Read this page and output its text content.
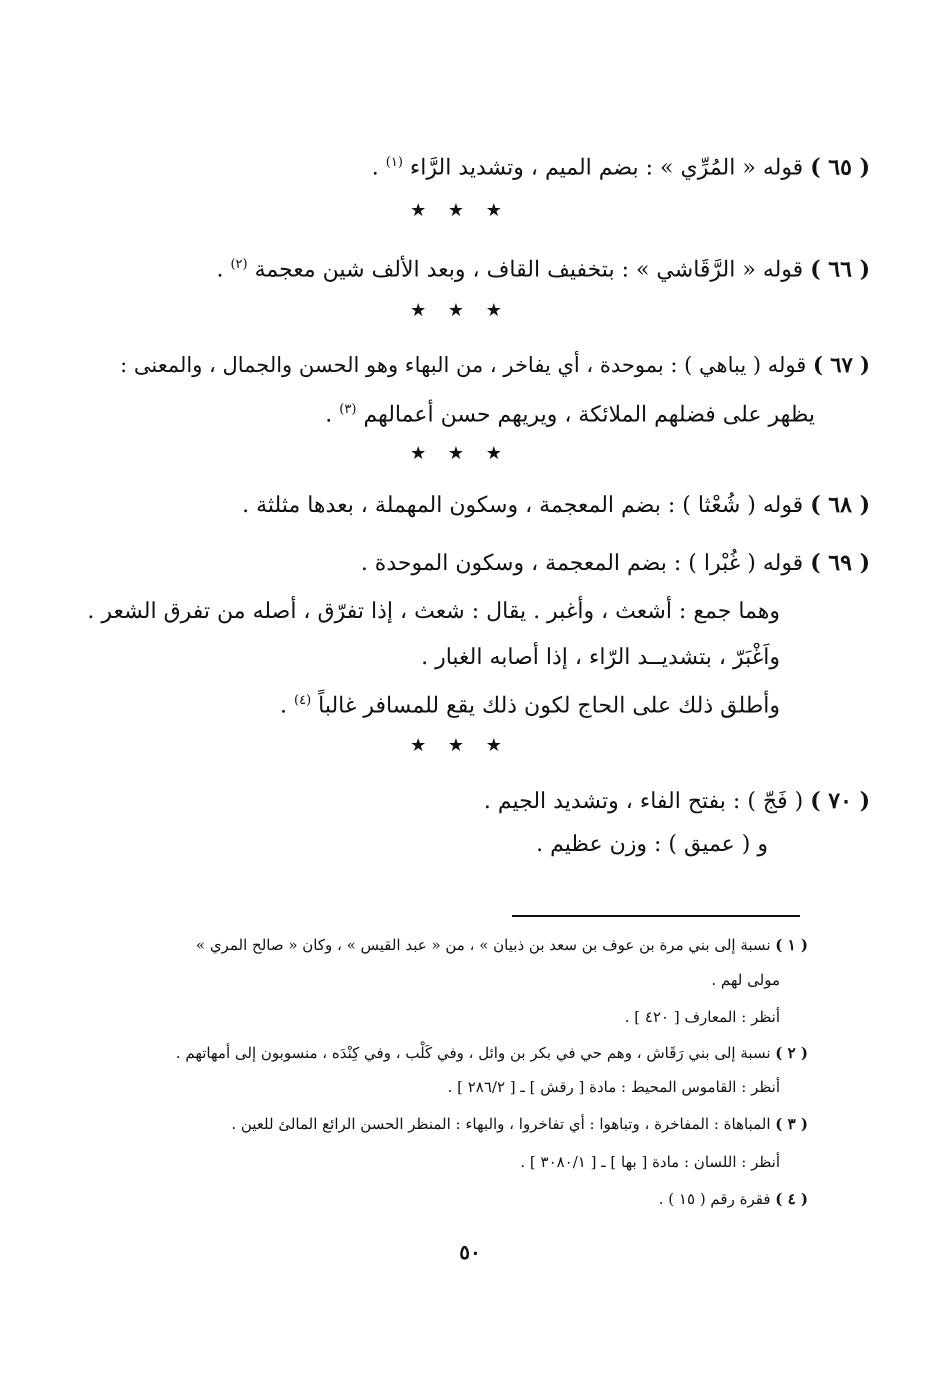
( ٦٥ ) قوله « المُرِّي » : بضم الميم ، وتشديد الرَّاء $^{(١)}$ .
★ ★ ★
( ٦٦ ) قوله « الرَّقَاشي » : بتخفيف القاف ، وبعد الألف شين معجمة $^{(٢)}$ .
★ ★ ★
( ٦٧ ) قوله ( يباهي ) : بموحدة ، أي يفاخر ، من البهاء وهو الحسن والجمال ، والمعنى :
يظهر على فضلهم الملائكة ، ويريهم حسن أعمالهم $^{(٣)}$ .
★ ★ ★
( ٦٨ ) قوله ( شُعْثا ) : بضم المعجمة ، وسكون المهملة ، بعدها مثلثة .
( ٦٩ ) قوله ( غُبْرا ) : بضم المعجمة ، وسكون الموحدة .
وهما جمع : أشعث ، وأغبر . يقال : شعث ، إذا تفرّق ، أصله من تفرق الشعر .
واَغْبَرّ ، بتشديــد الرّاء ، إذا أصابه الغبار .
وأطلق ذلك على الحاج لكون ذلك يقع للمسافر غالباً $^{(٤)}$ .
★ ★ ★
( ٧٠ ) ( فَجّ ) : بفتح الفاء ، وتشديد الجيم .
و ( عميق ) : وزن عظيم .
( ١ ) نسبة إلى بني مرة بن عوف بن سعد بن ذبيان » ، من « عبد القيس » ، وكان « صالح المري »
مولى لهم .
أنظر : المعارف [ ٤٢٠ ] .
( ٢ ) نسبة إلى بني رَقَاش ، وهم حي في بكر بن وائل ، وفي كَلْب ، وفي كِنْدَه ، منسوبون إلى أمهاتهم .
أنظر : القاموس المحيط : مادة [ رقش ] ـ [ ٢٨٦/٢ ] .
( ٣ ) المباهاة : المفاخرة ، وتباهوا : أي تفاخروا ، والبهاء : المنظر الحسن الرائع المالئ للعين .
أنظر : اللسان : مادة [ بها ] ـ [ ٣٠٨٠/١ ] .
( ٤ ) فقرة رقم ( ١٥ ) .
٥٠
